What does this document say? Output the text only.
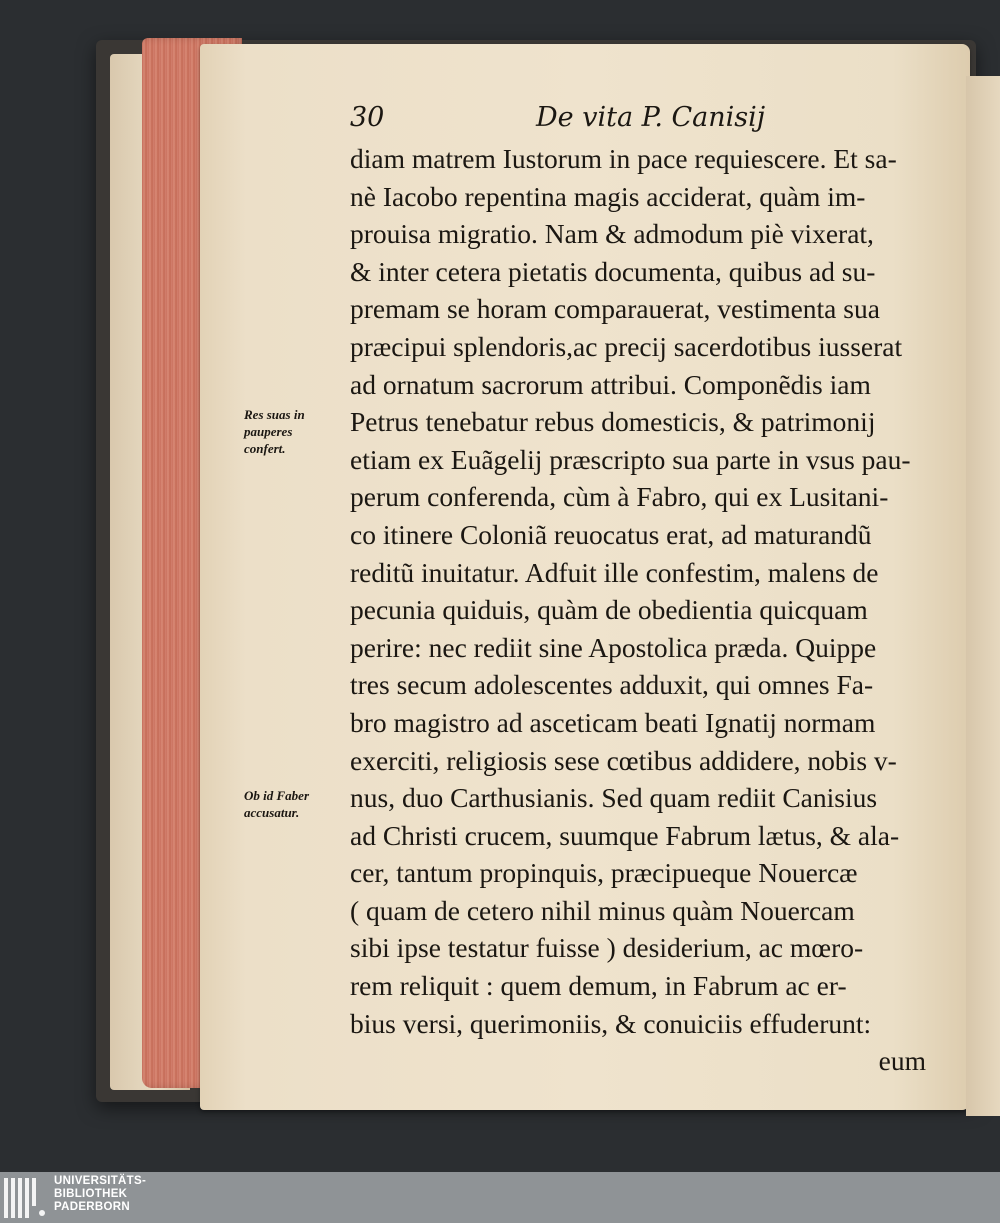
30	De vita P. Canisij
Res suas in
pauperes
confert.
Ob id Faber
accusatur.
diam matrem Iustorum in pace requiescere. Et sa-
nè Iacobo repentina magis acciderat, quàm im-
prouisa migratio. Nam & admodum piè vixerat,
& inter cetera pietatis documenta, quibus ad su-
premam se horam comparauerat, vestimenta sua
præcipui splendoris,ac precij sacerdotibus iusserat
ad ornatum sacrorum attribui. Componẽdis iam
Petrus tenebatur rebus domesticis, & patrimonij
etiam ex Euãgelij præscripto sua parte in vsus pau-
perum conferenda, cùm à Fabro, qui ex Lusitani-
co itinere Coloniã reuocatus erat, ad maturandũ
reditũ inuitatur. Adfuit ille confestim, malens de
pecunia quiduis, quàm de obedientia quicquam
perire: nec rediit sine Apostolica præda. Quippe
tres secum adolescentes adduxit, qui omnes Fa-
bro magistro ad asceticam beati Ignatij normam
exerciti, religiosis sese cœtibus addidere, nobis v-
nus, duo Carthusianis. Sed quam rediit Canisius
ad Christi crucem, suumque Fabrum lætus, & ala-
cer, tantum propinquis, præcipueque Nouercæ
( quam de cetero nihil minus quàm Nouercam
sibi ipse testatur fuisse ) desiderium, ac mœro-
rem reliquit : quem demum, in Fabrum ac er-
bius versi, querimoniis, & conuiciis effuderunt:
eum
UNIVERSITÄTS-
BIBLIOTHEK
PADERBORN
